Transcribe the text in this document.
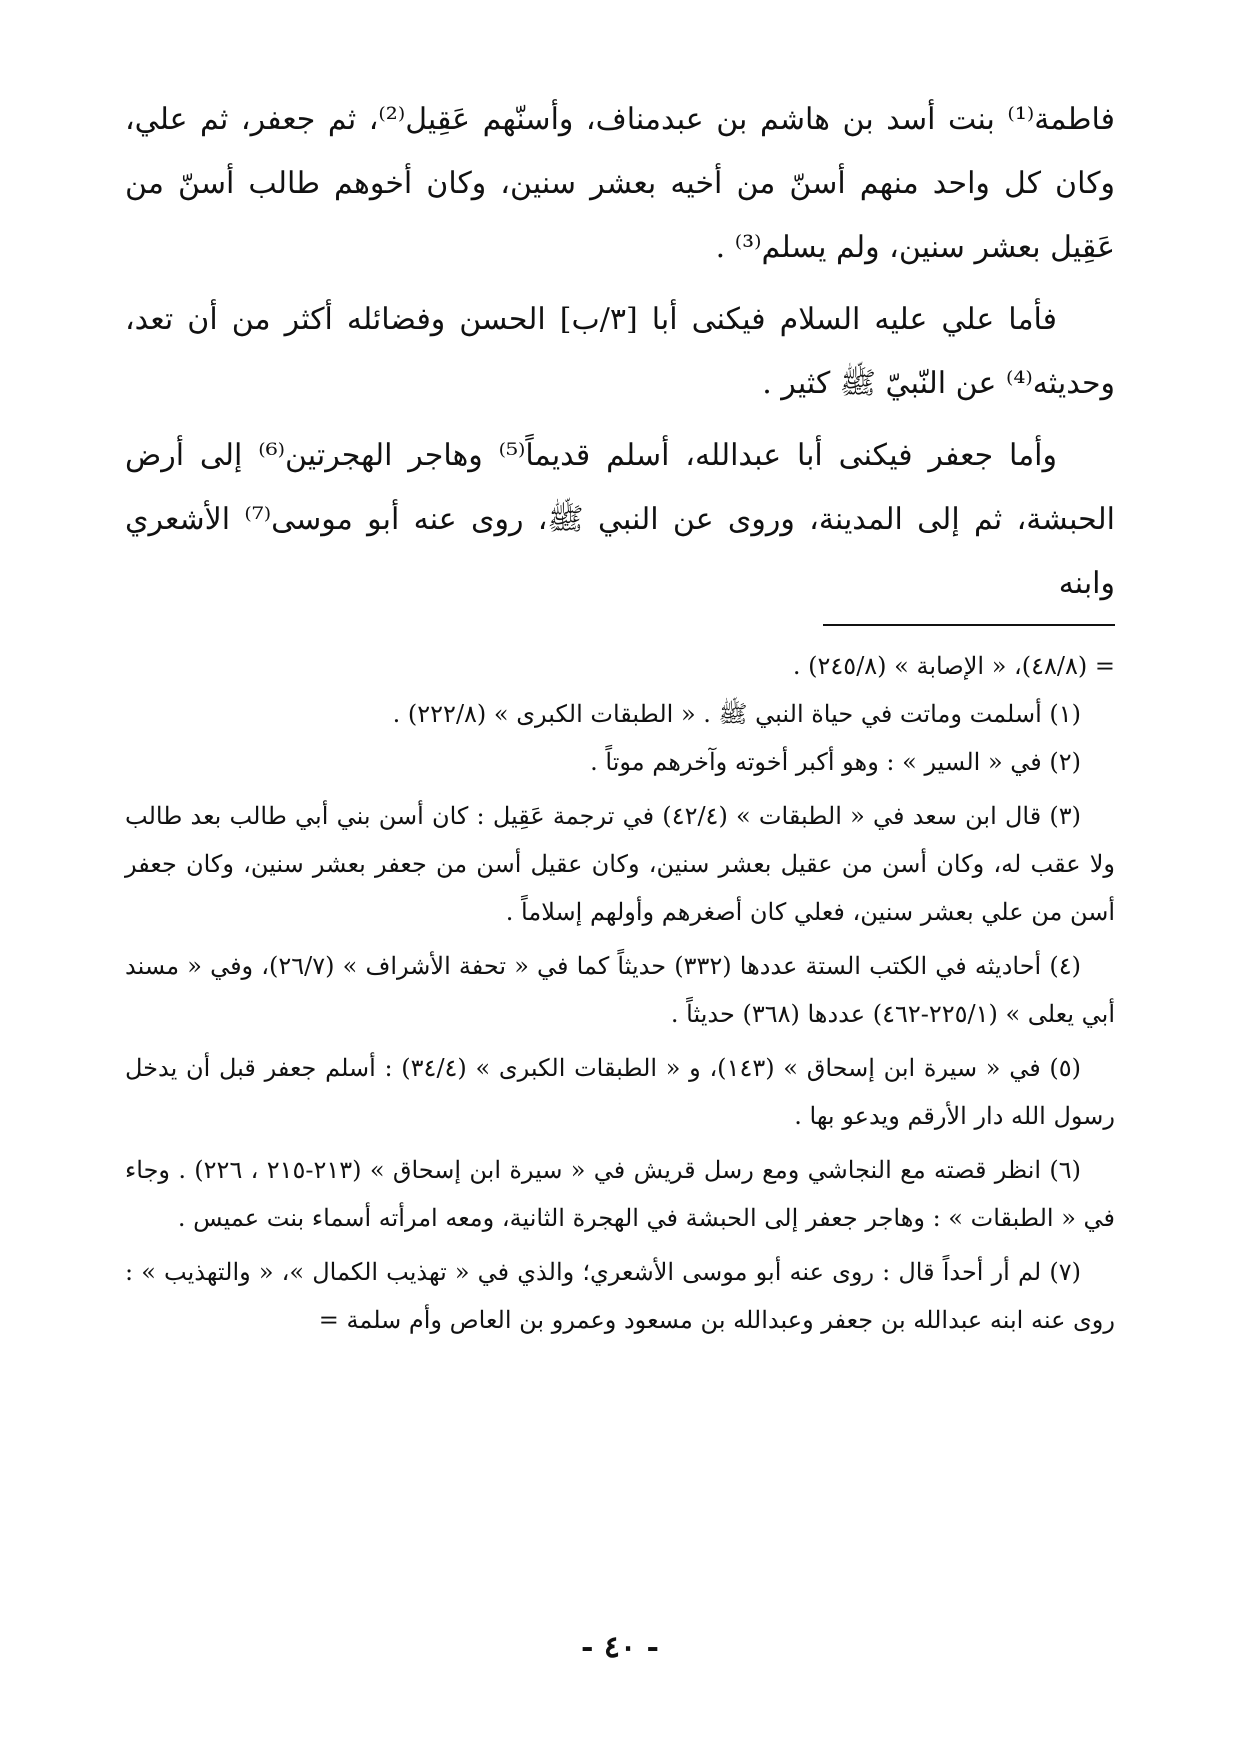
فاطمة⁽¹⁾ بنت أسد بن هاشم بن عبدمناف، وأسنّهم عَقِيل⁽²⁾، ثم جعفر، ثم علي، وكان كل واحد منهم أسنّ من أخيه بعشر سنين، وكان أخوهم طالب أسنّ من عَقِيل بعشر سنين، ولم يسلم⁽³⁾ .

فأما علي عليه السلام فيكنى أبا [٣/ب] الحسن وفضائله أكثر من أن تعد، وحديثه⁽⁴⁾ عن النّبيّ ﷺ كثير .

وأما جعفر فيكنى أبا عبدالله، أسلم قديماً⁽⁵⁾ وهاجر الهجرتين⁽⁶⁾ إلى أرض الحبشة، ثم إلى المدينة، وروى عن النبي ﷺ، روى عنه أبو موسى⁽⁷⁾ الأشعري وابنه

= (٤٨/٨)، « الإصابة » (٢٤٥/٨) .

(١) أسلمت وماتت في حياة النبي ﷺ . « الطبقات الكبرى » (٢٢٢/٨) .

(٢) في « السير » : وهو أكبر أخوته وآخرهم موتاً .

(٣) قال ابن سعد في « الطبقات » (٤٢/٤) في ترجمة عَقِيل : كان أسن بني أبي طالب بعد طالب ولا عقب له، وكان أسن من عقيل بعشر سنين، وكان عقيل أسن من جعفر بعشر سنين، وكان جعفر أسن من علي بعشر سنين، فعلي كان أصغرهم وأولهم إسلاماً .

(٤) أحاديثه في الكتب الستة عددها (٣٣٢) حديثاً كما في « تحفة الأشراف » (٢٦/٧)، وفي « مسند أبي يعلى » (٢٢٥/١-٤٦٢) عددها (٣٦٨) حديثاً .

(٥) في « سيرة ابن إسحاق » (١٤٣)، و « الطبقات الكبرى » (٣٤/٤) : أسلم جعفر قبل أن يدخل رسول الله دار الأرقم ويدعو بها .

(٦) انظر قصته مع النجاشي ومع رسل قريش في « سيرة ابن إسحاق » (٢١٣-٢١٥ ، ٢٢٦) . وجاء في « الطبقات » : وهاجر جعفر إلى الحبشة في الهجرة الثانية، ومعه امرأته أسماء بنت عميس .

(٧) لم أر أحداً قال : روى عنه أبو موسى الأشعري؛ والذي في « تهذيب الكمال »، « والتهذيب » : روى عنه ابنه عبدالله بن جعفر وعبدالله بن مسعود وعمرو بن العاص وأم سلمة =

- ٤٠ -
